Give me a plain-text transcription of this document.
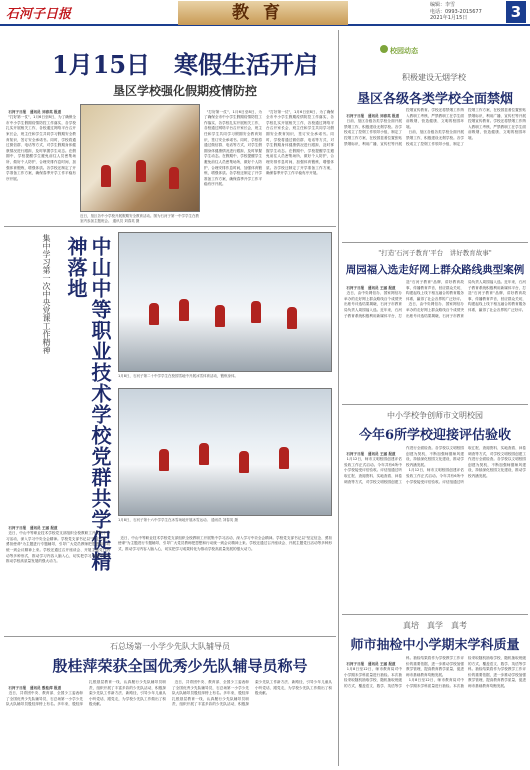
石河子日报	教育	编辑：李雪
电话：0993-2015677
2021年1月15日	3
1月15日　寒假生活开启
垦区学校强化假期疫情防控

石河子日报　通讯员 刘春英 报道
"打好第一仗"，1月6日至8日，为了确保全市中小学生假期疫情防控工作落实，各学校扎实开展相关工作，各校通过网络平台召开家长会，班主任和学生共同学习假期安全教育知识，签订安全承诺书。同时，学校将通过微信群、电话等方式，对学生假期身体健康情况进行跟踪，及时掌握学生动态。在假期中，学校提醒学生避免前往人员密集场所，做好个人防护，合理安排作息时间，加强体育锻炼，增强体质。各学校还制定了开学准备工作方案，确保春季开学工作平稳有序开展。

近日，垦区各中小学校开展假期安全教育活动。图为石河子第一中学学生在教室内参加主题班会。 通讯员 刘春英 摄

"打好第一仗"，1月6日至8日，为了确保全市中小学生假期疫情防控工作落实，各学校扎实开展相关工作，各校通过网络平台召开家长会，班主任和学生共同学习假期安全教育知识，签订安全承诺书。同时，学校将通过微信群、电话等方式，对学生假期身体健康情况进行跟踪，及时掌握学生动态。在假期中，学校提醒学生避免前往人员密集场所，做好个人防护，合理安排作息时间，加强体育锻炼，增强体质。各学校还制定了开学准备工作方案，确保春季开学工作平稳有序开展。

"打好第一仗"，1月6日至8日，为了确保全市中小学生假期疫情防控工作落实，各学校扎实开展相关工作，各校通过网络平台召开家长会，班主任和学生共同学习假期安全教育知识，签订安全承诺书。同时，学校将通过微信群、电话等方式，对学生假期身体健康情况进行跟踪，及时掌握学生动态。在假期中，学校提醒学生避免前往人员密集场所，做好个人防护，合理安排作息时间，加强体育锻炼，增强体质。各学校还制定了开学准备工作方案，确保春季开学工作平稳有序开展。

集中学习第一次中央党课工作精神	中山中等职业技术学校党群共学促精神落地
1月8日，石河子第二十中学学生在校园雪地中开展冰雪体育活动，锻炼身体。
1月8日，石河子第十六中学学生在冰雪场地开展冰雪运动。 通讯员 刘春英 摄

石河子日报　通讯员 王丽 报道
近日，中山中等职业技术学校党支部组织全校教职工开展集中学习活动，深入学习中央全会精神。学校党支部书记以"坚定信念、勇担使命"为主题进行专题辅导，引导广大党员教师把思想和行动统一到会议精神上来。学校还通过召开座谈会、开展主题党日活动等多种形式，推动学习内容入脑入心，切实把学习成果转化为推动学校高质量发展的强大动力。

近日，中山中等职业技术学校党支部组织全校教职工开展集中学习活动，深入学习中央全会精神。学校党支部书记以"坚定信念、勇担使命"为主题进行专题辅导，引导广大党员教师把思想和行动统一到会议精神上来。学校还通过召开座谈会、开展主题党日活动等多种形式，推动学习内容入脑入心，切实把学习成果转化为推动学校高质量发展的强大动力。

石总场第一小学少先队大队辅导员
殷桂萍荣获全国优秀少先队辅导员称号

石河子日报　通讯员 殷桂萍 报道
近日，共青团中央、教育部、全国少工委表彰了全国优秀少先队辅导员，石总场第一小学少先队大队辅导员殷桂萍榜上有名。多年来，殷桂萍扎根基层教育一线，认真履行少先队辅导员职责，组织开展了丰富多彩的少先队活动，积极探索少先队工作新方法、新路径，引导少年儿童从小听党话、跟党走，为学校少先队工作做出了积极贡献。
近日，共青团中央、教育部、全国少工委表彰了全国优秀少先队辅导员，石总场第一小学少先队大队辅导员殷桂萍榜上有名。多年来，殷桂萍扎根基层教育一线，认真履行少先队辅导员职责，组织开展了丰富多彩的少先队活动，积极探索少先队工作新方法、新路径，引导少年儿童从小听党话、跟党走，为学校少先队工作做出了积极贡献。

校园动态
积极建设无烟学校
垦区各级各类学校全面禁烟

石河子日报　通讯员 刘春英 报道
日前，垦区各级各类学校全面开展禁烟工作，积极建设无烟学校。各学校成立了控烟工作领导小组，制定了控烟工作方案，在校园显著位置张贴禁烟标识，利用广播、宣传栏等开展控烟宣传教育。学校还将禁烟工作纳入教职工考核，严禁教职工在学生面前吸烟，营造健康、文明的校园环境。
日前，垦区各级各类学校全面开展禁烟工作，积极建设无烟学校。各学校成立了控烟工作领导小组，制定了控烟工作方案，在校园显著位置张贴禁烟标识，利用广播、宣传栏等开展控烟宣传教育。学校还将禁烟工作纳入教职工考核，严禁教职工在学生面前吸烟，营造健康、文明的校园环境。

"打造'石河子教育'平台　讲好教育故事"
周园福入选走好网上群众路线典型案例

石河子日报　通讯员 王丽 报道
近日，由中央网信办、国家网信办举办的走好网上群众路线百个成绩突出账号评选结果揭晓，石河子市教育局负责人周园福入选。近年来，石河子教育系统积极利用新媒体平台，打造"石河子教育"品牌，讲好教育故事，传播教育声音，回应群众关切，构建起线上线下相互融合的教育服务体系，赢得了社会各界的广泛好评。
近日，由中央网信办、国家网信办举办的走好网上群众路线百个成绩突出账号评选结果揭晓，石河子市教育局负责人周园福入选。近年来，石河子教育系统积极利用新媒体平台，打造"石河子教育"品牌，讲好教育故事，传播教育声音，回应群众关切，构建起线上线下相互融合的教育服务体系，赢得了社会各界的广泛好评。

中小学校争创师市文明校园
今年6所学校迎接评估验收

石河子日报　通讯员 王丽 报道
1月12日，师市文明校园创建评估验收工作正式启动。今年共有6所中小学校接受评估验收。评估组通过听取汇报、查阅资料、实地查看、问卷调查等方式，对学校文明校园创建工作进行全面检查。各学校以文明校园创建为契机，不断加强师德师风建设，持续深化校园文化建设，推动学校内涵发展。
1月12日，师市文明校园创建评估验收工作正式启动。今年共有6所中小学校接受评估验收。评估组通过听取汇报、查阅资料、实地查看、问卷调查等方式，对学校文明校园创建工作进行全面检查。各学校以文明校园创建为契机，不断加强师德师风建设，持续深化校园文化建设，推动学校内涵发展。

真培　真学　真考
师市抽检中小学期末学科质量

石河子日报　通讯员 王丽 报道
1月8日至12日，师市教育局对中小学期末学科质量进行抽检。本次抽检采取随机抽取学校、随机抽取班级的方式，覆盖语文、数学、英语等学科。抽检结果将作为学校教学工作评价的重要依据，进一步推动学校加强教学管理，提高教育教学质量，促进师市基础教育均衡发展。
1月8日至12日，师市教育局对中小学期末学科质量进行抽检。本次抽检采取随机抽取学校、随机抽取班级的方式，覆盖语文、数学、英语等学科。抽检结果将作为学校教学工作评价的重要依据，进一步推动学校加强教学管理，提高教育教学质量，促进师市基础教育均衡发展。
